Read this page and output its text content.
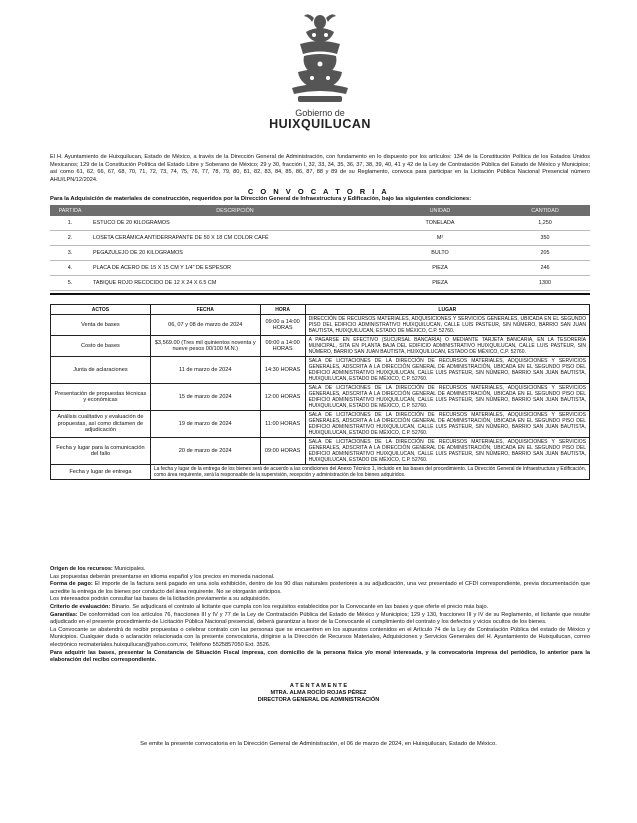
Gobierno de
HUIXQUILUCAN
El H. Ayuntamiento de Huixquilucan, Estado de México, a través de la Dirección General de Administración, con fundamento en lo dispuesto por los artículos: 134 de la Constitución Política de los Estados Unidos Mexicanos; 129 de la Constitución Política del Estado Libre y Soberano de México; 29 y 30, fracción I, 32, 33, 34, 35, 36, 37, 38, 39, 40, 41 y 42 de la Ley de Contratación Pública del Estado de México y Municipios; así como 61, 62, 66, 67, 68, 70, 71, 72, 73, 74, 75, 76, 77, 78, 79, 80, 81, 82, 83, 84, 85, 86, 87, 88 y 89 de su Reglamento, convoca para participar en la Licitación Pública Nacional Presencial número AHU/LPN/12/2024.
C O N V O C A T O R I A
Para la Adquisición de materiales de construcción, requeridos por la Dirección General de Infraestructura y Edificación, bajo las siguientes condiciones:
PARTIDA	DESCRIPCIÓN	UNIDAD	CANTIDAD
1.	ESTUCO DE 20 KILOGRAMOS	TONELADA	1,250
2.	LOSETA CERÁMICA ANTIDERRAPANTE DE 50 X 18 CM COLOR CAFÉ	M²	350
3.	PEGAZULEJO DE 20 KILOGRAMOS	BULTO	205
4.	PLACA DE ACERO DE 15 X 15 CM Y 1/4" DE ESPESOR	PIEZA	246
5.	TABIQUE ROJO RECOCIDO DE 12 X 24 X 6.5 CM	PIEZA	1300
ACTOS	FECHA	HORA	LUGAR
Venta de bases	06, 07 y 08 de marzo de 2024	09:00 a 14:00 HORAS	DIRECCIÓN DE RECURSOS MATERIALES, ADQUISICIONES Y SERVICIOS GENERALES, UBICADA EN EL SEGUNDO PISO DEL EDIFICIO ADMINISTRATIVO HUIXQUILUCAN, CALLE LUIS PASTEUR, SIN NÚMERO, BARRIO SAN JUAN BAUTISTA, HUIXQUILUCAN, ESTADO DE MÉXICO, C.P. 52760.
Costo de bases	$3,569.00 (Tres mil quinientos noventa y nueve pesos 00/100 M.N.)	09:00 a 14:00 HORAS	A PAGARSE EN EFECTIVO (SUCURSAL BANCARIA) O MEDIANTE TARJETA BANCARIA, EN LA TESORERÍA MUNICIPAL, SITA EN PLANTA BAJA DEL EDIFICIO ADMINISTRATIVO HUIXQUILUCAN, CALLE LUIS PASTEUR, SIN NÚMERO, BARRIO SAN JUAN BAUTISTA, HUIXQUILUCAN, ESTADO DE MÉXICO, C.P. 52760.
Junta de aclaraciones	11 de marzo de 2024	14:30 HORAS	SALA DE LICITACIONES DE LA DIRECCIÓN DE RECURSOS MATERIALES, ADQUISICIONES Y SERVICIOS GENERALES, ADSCRITA A LA DIRECCIÓN GENERAL DE ADMINISTRACIÓN, UBICADA EN EL SEGUNDO PISO DEL EDIFICIO ADMINISTRATIVO HUIXQUILUCAN, CALLE LUIS PASTEUR, SIN NÚMERO, BARRIO SAN JUAN BAUTISTA, HUIXQUILUCAN, ESTADO DE MÉXICO, C.P. 52760.
Presentación de propuestas técnicas y económicas	15 de marzo de 2024	12:00 HORAS	SALA DE LICITACIONES DE LA DIRECCIÓN DE RECURSOS MATERIALES, ADQUISICIONES Y SERVICIOS GENERALES, ADSCRITA A LA DIRECCIÓN GENERAL DE ADMINISTRACIÓN, UBICADA EN EL SEGUNDO PISO DEL EDIFICIO ADMINISTRATIVO HUIXQUILUCAN, CALLE LUIS PASTEUR, SIN NÚMERO, BARRIO SAN JUAN BAUTISTA, HUIXQUILUCAN, ESTADO DE MÉXICO, C.P. 52760.
Análisis cualitativo y evaluación de propuestas, así como dictamen de adjudicación	19 de marzo de 2024	11:00 HORAS	SALA DE LICITACIONES DE LA DIRECCIÓN DE RECURSOS MATERIALES, ADQUISICIONES Y SERVICIOS GENERALES, ADSCRITA A LA DIRECCIÓN GENERAL DE ADMINISTRACIÓN, UBICADA EN EL SEGUNDO PISO DEL EDIFICIO ADMINISTRATIVO HUIXQUILUCAN, CALLE LUIS PASTEUR, SIN NÚMERO, BARRIO SAN JUAN BAUTISTA, HUIXQUILUCAN, ESTADO DE MÉXICO, C.P. 52760.
Fecha y lugar para la comunicación del fallo	20 de marzo de 2024	09:00 HORAS	SALA DE LICITACIONES DE LA DIRECCIÓN DE RECURSOS MATERIALES, ADQUISICIONES Y SERVICIOS GENERALES, ADSCRITA A LA DIRECCIÓN GENERAL DE ADMINISTRACIÓN, UBICADA EN EL SEGUNDO PISO DEL EDIFICIO ADMINISTRATIVO HUIXQUILUCAN, CALLE LUIS PASTEUR, SIN NÚMERO, BARRIO SAN JUAN BAUTISTA, HUIXQUILUCAN, ESTADO DE MÉXICO, C.P. 52760.
Fecha y lugar de entrega	La fecha y lugar de la entrega de los bienes será de acuerdo a las condiciones del Anexo Técnico 1, incluido en las bases del procedimiento. La Dirección General de Infraestructura y Edificación, como área requirente, será la responsable de la supervisión, recepción y administración de los bienes adquiridos.		

Origen de los recursos: Municipales.

Las propuestas deberán presentarse en idioma español y los precios en moneda nacional.

Forma de pago: El importe de la factura será pagado en una sola exhibición, dentro de los 90 días naturales posteriores a su adjudicación, una vez presentado el CFDI correspondiente, previa documentación que acredite la entrega de los bienes por conducto del área requirente. No se otorgarán anticipos.

Los interesados podrán consultar las bases de la licitación previamente a su adquisición.

Criterio de evaluación: Binario. Se adjudicará el contrato al licitante que cumpla con los requisitos establecidos por la Convocante en las bases y que oferte el precio más bajo.

Garantías: De conformidad con los artículos 76, fracciones III y IV y 77 de la Ley de Contratación Pública del Estado de México y Municipios; 129 y 130, fracciones III y IV de su Reglamento, el licitante que resulte adjudicado en el presente procedimiento de Licitación Pública Nacional presencial, deberá garantizar a favor de la Convocante el cumplimiento del contrato y los defectos y vicios ocultos de los bienes.

La Convocante se abstendrá de recibir propuestas o celebrar contrato con las personas que se encuentren en los supuestos contenidos en el Artículo 74 de la Ley de Contratación Pública del estado de México y Municipios. Cualquier duda o aclaración relacionada con la presente convocatoria, dirigirse a la Dirección de Recursos Materiales, Adquisiciones y Servicios Generales del H. Ayuntamiento de Huixquilucan, correo electrónico recmateriales.huixquilucan@yahoo.com.mx, Teléfono 5525857050 Ext. 3526.

Para adquirir las bases, presentar la Constancia de Situación Fiscal impresa, con domicilio de la persona física y/o moral interesada, y la convocatoria impresa del periódico, lo anterior para la elaboración del recibo correspondiente.

A T E N T A M E N T E
MTRA. ALMA ROCÍO ROJAS PÉREZ
DIRECTORA GENERAL DE ADMINISTRACIÓN
Se emite la presente convocatoria en la Dirección General de Administración, el 06 de marzo de 2024, en Huixquilucan, Estado de México.
